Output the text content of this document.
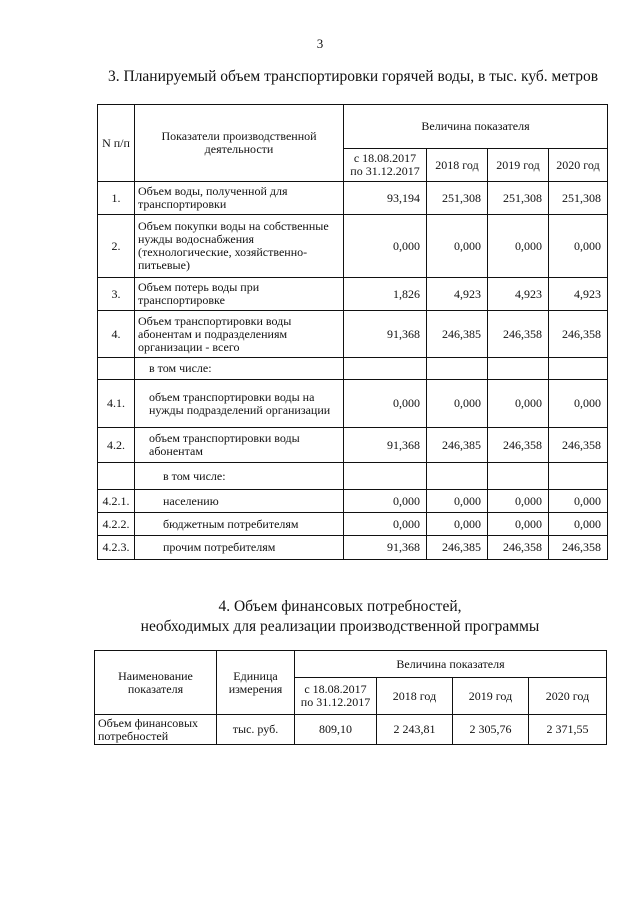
3
3. Планируемый объем транспортировки горячей воды, в тыс. куб. метров
N п/п	Показатели производственной деятельности	Величина показателя			
		с 18.08.2017 по 31.12.2017	2018 год	2019 год	2020 год
1.	Объем воды, полученной для транспортировки	93,194	251,308	251,308	251,308
2.	Объем покупки воды на собственные нужды водоснабжения (технологические, хозяйственно-питьевые)	0,000	0,000	0,000	0,000
3.	Объем потерь воды при транспортировке	1,826	4,923	4,923	4,923
4.	Объем транспортировки воды абонентам и подразделениям организации - всего	91,368	246,385	246,358	246,358
	в том числе:				
4.1.	объем транспортировки воды на нужды подразделений организации	0,000	0,000	0,000	0,000
4.2.	объем транспортировки воды абонентам	91,368	246,385	246,358	246,358
	в том числе:				
4.2.1.	населению	0,000	0,000	0,000	0,000
4.2.2.	бюджетным потребителям	0,000	0,000	0,000	0,000
4.2.3.	прочим потребителям	91,368	246,385	246,358	246,358
4. Объем финансовых потребностей,
необходимых для реализации производственной программы
Наименование показателя	Единица измерения	Величина показателя			
		с 18.08.2017 по 31.12.2017	2018 год	2019 год	2020 год
Объем финансовых потребностей	тыс. руб.	809,10	2 243,81	2 305,76	2 371,55
